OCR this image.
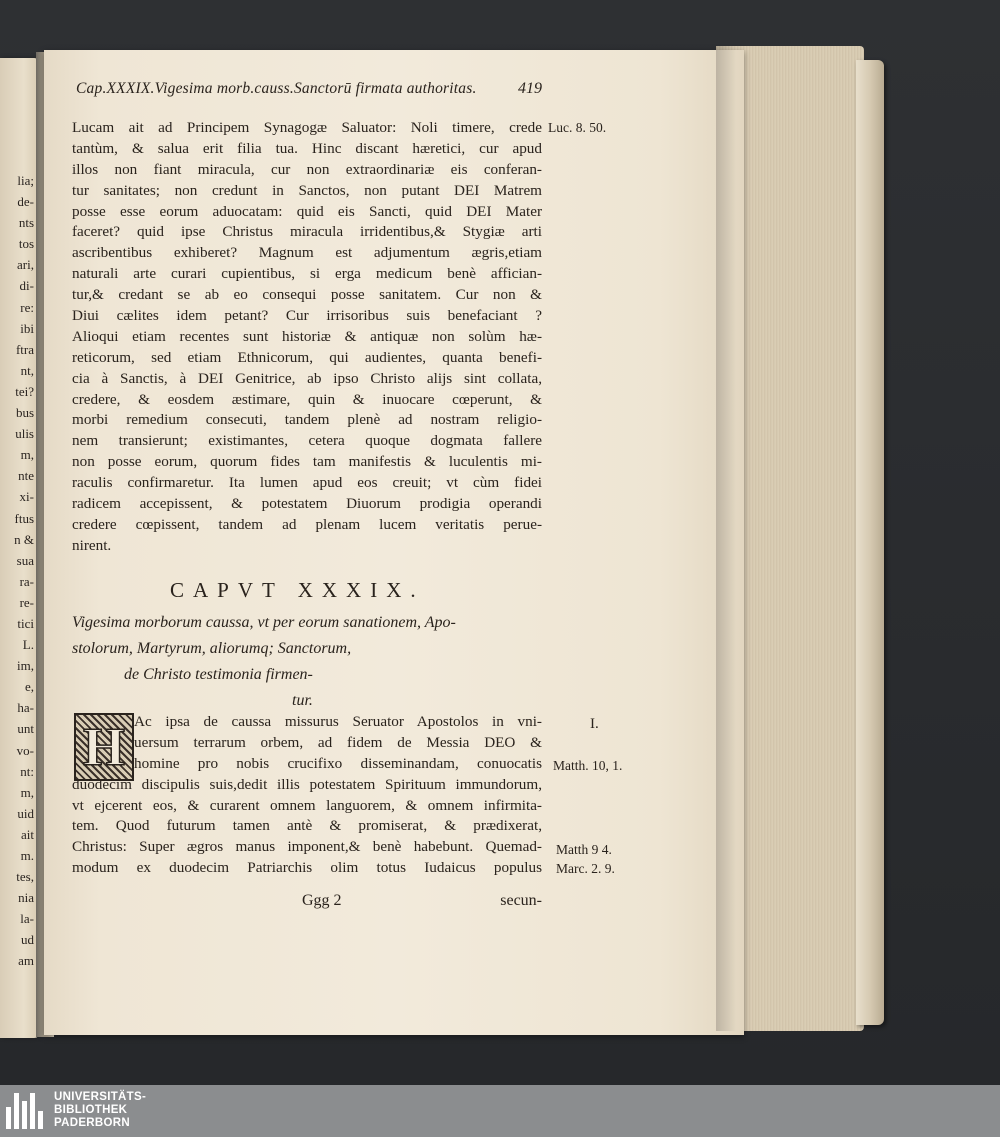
lia;
de-
nts
tos
ari,
di-
re:
ibi
ftra
nt,
tei?
bus
ulis
m,
nte
xi-
ftus
n &
sua
ra-
re-
tici
L.
im,
e,
ha-
unt
vo-
nt:
m,
uid
ait
m.
tes,
nia
la-
ud
am
Cap.XXXIX.Vigesima morb.causs.Sanctorū firmata authoritas.	419
Lucam ait ad Principem Synagogæ Saluator: Noli timere, crede
tantùm, & salua erit filia tua. Hinc discant hæretici, cur apud
illos non fiant miracula, cur non extraordinariæ eis conferan-
tur sanitates; non credunt in Sanctos, non putant DEI Matrem
posse esse eorum aduocatam: quid eis Sancti, quid DEI Mater
faceret? quid ipse Christus miracula irridentibus,& Stygiæ arti
ascribentibus exhiberet? Magnum est adjumentum ægris,etiam
naturali arte curari cupientibus, si erga medicum benè affician-
tur,& credant se ab eo consequi posse sanitatem. Cur non &
Diui cælites idem petant? Cur irrisoribus suis benefaciant ?
Alioqui etiam recentes sunt historiæ & antiquæ non solùm hæ-
reticorum, sed etiam Ethnicorum, qui audientes, quanta benefi-
cia à Sanctis, à DEI Genitrice, ab ipso Christo alijs sint collata,
credere, & eosdem æstimare, quin & inuocare cœperunt, &
morbi remedium consecuti, tandem plenè ad nostram religio-
nem transierunt; existimantes, cetera quoque dogmata fallere
non posse eorum, quorum fides tam manifestis & luculentis mi-
raculis confirmaretur. Ita lumen apud eos creuit; vt cùm fidei
radicem accepissent, & potestatem Diuorum prodigia operandi
credere cœpissent, tandem ad plenam lucem veritatis perue-
nirent.
CAPVT XXXIX.
Vigesima morborum caussa, vt per eorum sanationem, Apo-
stolorum, Martyrum, aliorumq; Sanctorum,
de Christo testimonia firmen-
tur.
H Ac ipsa de caussa missurus Seruator Apostolos in vni-
uersum terrarum orbem, ad fidem de Messia DEO &
homine pro nobis crucifixo disseminandam, conuocatis
duodecim discipulis suis,dedit illis potestatem Spirituum immundorum,
vt ejcerent eos, & curarent omnem languorem, & omnem infirmita-
tem. Quod futurum tamen antè & promiserat, & prædixerat,
Christus: Super ægros manus imponent,& benè habebunt. Quemad-
modum ex duodecim Patriarchis olim totus Iudaicus populus
Ggg 2	secun-
Luc. 8. 50.
I.
Matth. 10, 1.
Matth 9 4.
Marc. 2. 9.
UNIVERSITÄTS-
BIBLIOTHEK
PADERBORN
